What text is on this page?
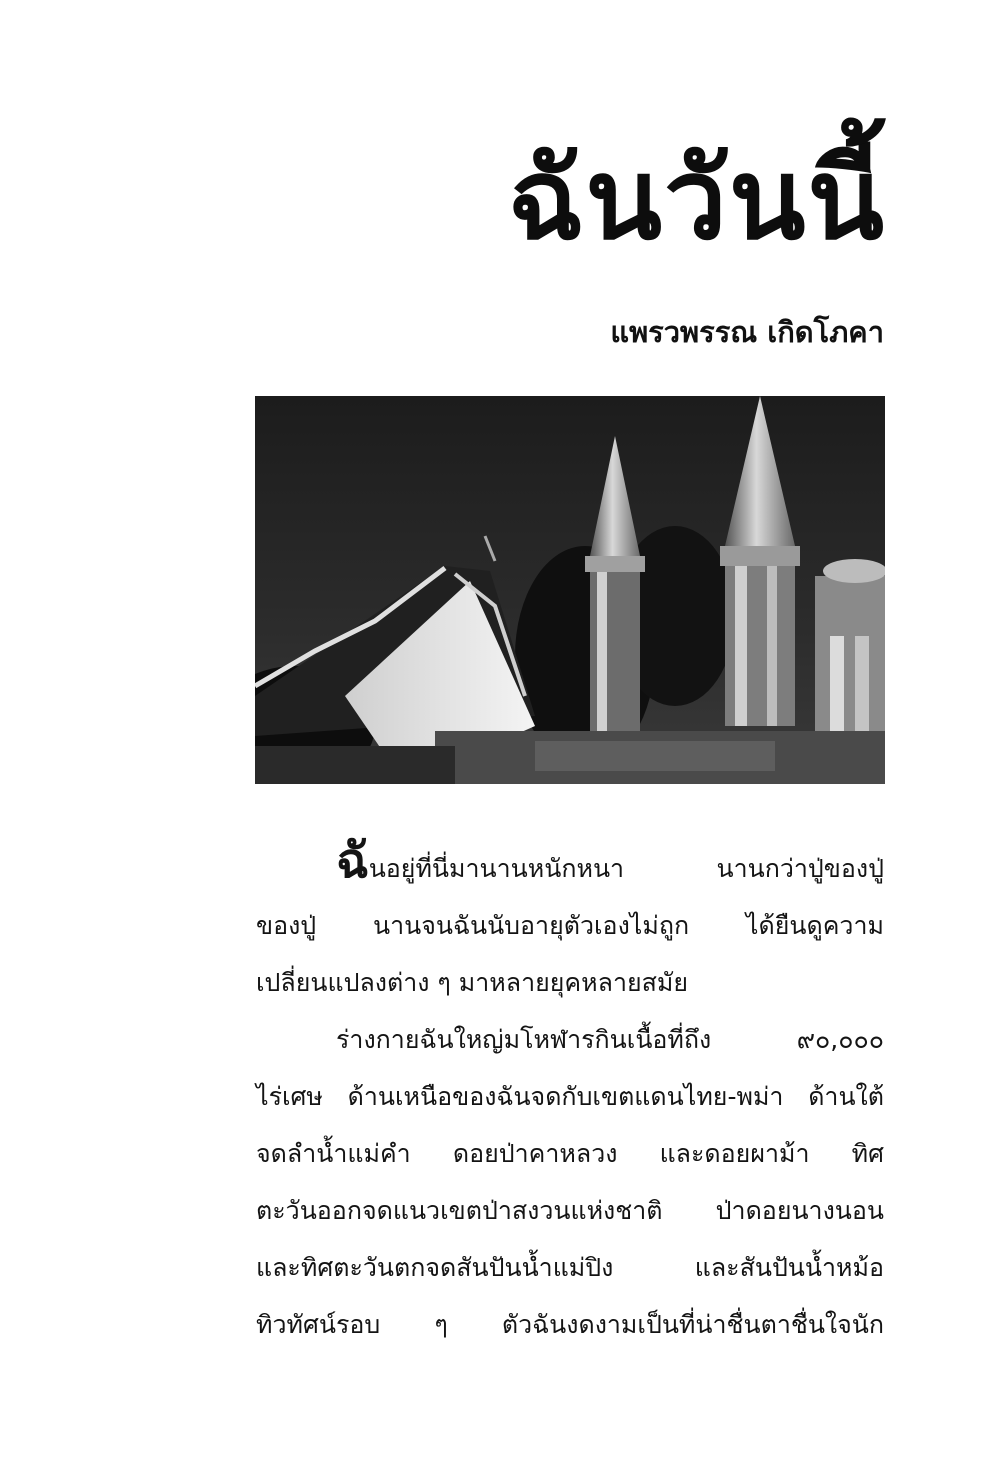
ฉันวันนี้
แพรวพรรณ เกิดโภคา
ฉันอยู่ที่นี่มานานหนักหนา นานกว่าปู่ของปู่
ของปู่ นานจนฉันนับอายุตัวเองไม่ถูก ได้ยืนดูความ
เปลี่ยนแปลงต่าง ๆ มาหลายยุคหลายสมัย
ร่างกายฉันใหญ่มโหฬารกินเนื้อที่ถึง ๙๐,๐๐๐
ไร่เศษ ด้านเหนือของฉันจดกับเขตแดนไทย-พม่า ด้านใต้
จดลำน้ำแม่คำ ดอยป่าคาหลวง และดอยผาม้า ทิศ
ตะวันออกจดแนวเขตป่าสงวนแห่งชาติ ป่าดอยนางนอน
และทิศตะวันตกจดสันปันน้ำแม่ปิง และสันปันน้ำหม้อ
ทิวทัศน์รอบ ๆ ตัวฉันงดงามเป็นที่น่าชื่นตาชื่นใจนัก
